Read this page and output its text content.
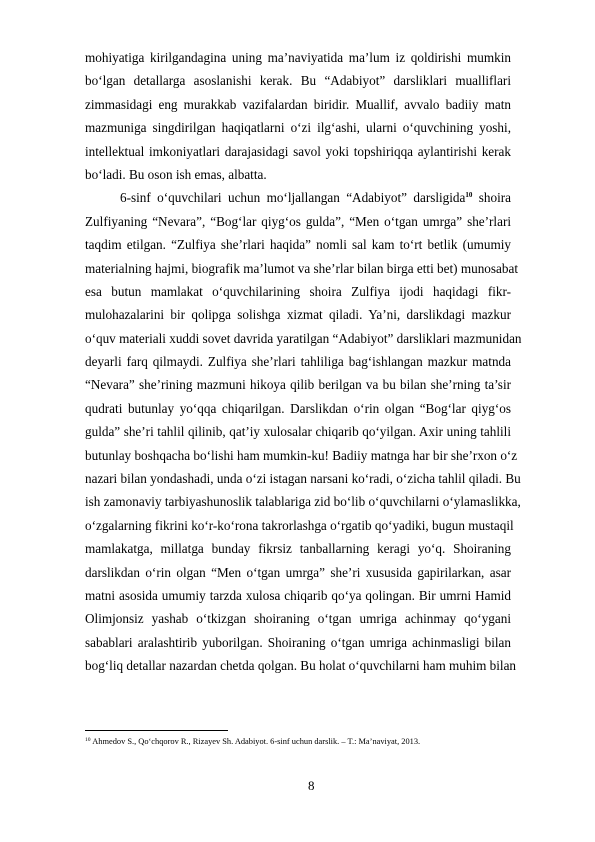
mohiyatiga kirilgandagina uning ma’naviyatida ma’lum iz qoldirishi mumkin
bo‘lgan detallarga asoslanishi kerak. Bu “Adabiyot” darsliklari mualliflari
zimmasidagi eng murakkab vazifalardan biridir. Muallif, avvalo badiiy matn
mazmuniga singdirilgan haqiqatlarni o‘zi ilg‘ashi, ularni o‘quvchining yoshi,
intellektual imkoniyatlari darajasidagi savol yoki topshiriqqa aylantirishi kerak
bo‘ladi. Bu oson ish emas, albatta.
6-sinf o‘quvchilari uchun mo‘ljallangan “Adabiyot” darsligida$^{10}$ shoira
Zulfiyaning “Nevara”, “Bog‘lar qiyg‘os gulda”, “Men o‘tgan umrga” she’rlari
taqdim etilgan. “Zulfiya she’rlari haqida” nomli sal kam to‘rt betlik (umumiy
materialning hajmi, biografik ma’lumot va she’rlar bilan birga etti bet) munosabat
esa butun mamlakat o‘quvchilarining shoira Zulfiya ijodi haqidagi fikr-
mulohazalarini bir qolipga solishga xizmat qiladi. Ya’ni, darslikdagi mazkur
o‘quv materiali xuddi sovet davrida yaratilgan “Adabiyot” darsliklari mazmunidan
deyarli farq qilmaydi. Zulfiya she’rlari tahliliga bag‘ishlangan mazkur matnda
“Nevara” she’rining mazmuni hikoya qilib berilgan va bu bilan she’rning ta’sir
qudrati butunlay yo‘qqa chiqarilgan. Darslikdan o‘rin olgan “Bog‘lar qiyg‘os
gulda” she’ri tahlil qilinib, qat’iy xulosalar chiqarib qo‘yilgan. Axir uning tahlili
butunlay boshqacha bo‘lishi ham mumkin-ku! Badiiy matnga har bir she’rxon o‘z
nazari bilan yondashadi, unda o‘zi istagan narsani ko‘radi, o‘zicha tahlil qiladi. Bu
ish zamonaviy tarbiyashunoslik talablariga zid bo‘lib o‘quvchilarni o‘ylamaslikka,
o‘zgalarning fikrini ko‘r-ko‘rona takrorlashga o‘rgatib qo‘yadiki, bugun mustaqil
mamlakatga, millatga bunday fikrsiz tanballarning keragi yo‘q. Shoiraning
darslikdan o‘rin olgan “Men o‘tgan umrga” she’ri xususida gapirilarkan, asar
matni asosida umumiy tarzda xulosa chiqarib qo‘ya qolingan. Bir umrni Hamid
Olimjonsiz yashab o‘tkizgan shoiraning o‘tgan umriga achinmay qo‘ygani
sabablari aralashtirib yuborilgan. Shoiraning o‘tgan umriga achinmasligi bilan
bog‘liq detallar nazardan chetda qolgan. Bu holat o‘quvchilarni ham muhim bilan
$^{10}$ Ahmedov S., Qo‘chqorov R., Rizayev Sh. Adabiyot. 6-sinf uchun darslik. – T.: Ma’naviyat, 2013.
8
